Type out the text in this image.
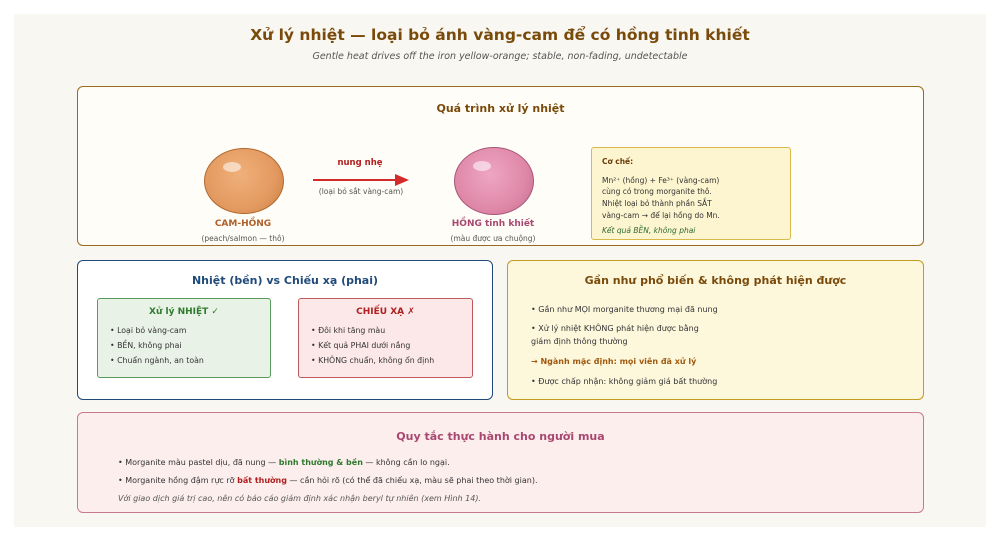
Xử lý nhiệt — loại bỏ ánh vàng-cam để có hồng tinh khiết
Gentle heat drives off the iron yellow-orange; stable, non-fading, undetectable
Quá trình xử lý nhiệt
CAM-HỒNG
(peach/salmon — thô)
nung nhẹ
(loại bỏ sắt vàng-cam)
HỒNG tinh khiết
(màu được ưa chuộng)
Cơ chế:
Mn²⁺ (hồng) + Fe³⁺ (vàng-cam)
cùng có trong morganite thô.
Nhiệt loại bỏ thành phần SẮT
vàng-cam → để lại hồng do Mn.
Kết quả BỀN, không phai
Nhiệt (bền) vs Chiếu xạ (phai)
Xử lý NHIỆT ✓
• Loại bỏ vàng-cam
• BỀN, không phai
• Chuẩn ngành, an toàn
CHIẾU XẠ ✗
• Đôi khi tăng màu
• Kết quả PHAI dưới nắng
• KHÔNG chuẩn, không ổn định
Gần như phổ biến & không phát hiện được
• Gần như MỌI morganite thương mại đã nung
• Xử lý nhiệt KHÔNG phát hiện được bằng
giám định thông thường
→ Ngành mặc định: mọi viên đã xử lý
• Được chấp nhận: không giảm giá bất thường
Quy tắc thực hành cho người mua
• Morganite màu pastel dịu, đã nung — bình thường & bền — không cần lo ngại.
• Morganite hồng đậm rực rỡ bất thường — cần hỏi rõ (có thể đã chiếu xạ, màu sẽ phai theo thời gian).
Với giao dịch giá trị cao, nên có báo cáo giám định xác nhận beryl tự nhiên (xem Hình 14).
